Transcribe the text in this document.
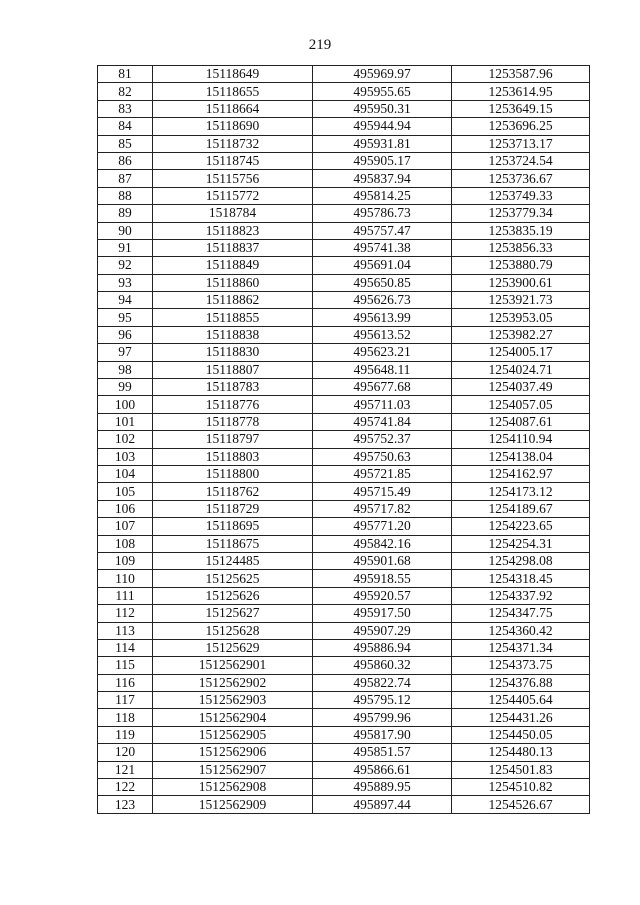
219
81	15118649	495969.97	1253587.96
82	15118655	495955.65	1253614.95
83	15118664	495950.31	1253649.15
84	15118690	495944.94	1253696.25
85	15118732	495931.81	1253713.17
86	15118745	495905.17	1253724.54
87	15115756	495837.94	1253736.67
88	15115772	495814.25	1253749.33
89	1518784	495786.73	1253779.34
90	15118823	495757.47	1253835.19
91	15118837	495741.38	1253856.33
92	15118849	495691.04	1253880.79
93	15118860	495650.85	1253900.61
94	15118862	495626.73	1253921.73
95	15118855	495613.99	1253953.05
96	15118838	495613.52	1253982.27
97	15118830	495623.21	1254005.17
98	15118807	495648.11	1254024.71
99	15118783	495677.68	1254037.49
100	15118776	495711.03	1254057.05
101	15118778	495741.84	1254087.61
102	15118797	495752.37	1254110.94
103	15118803	495750.63	1254138.04
104	15118800	495721.85	1254162.97
105	15118762	495715.49	1254173.12
106	15118729	495717.82	1254189.67
107	15118695	495771.20	1254223.65
108	15118675	495842.16	1254254.31
109	15124485	495901.68	1254298.08
110	15125625	495918.55	1254318.45
111	15125626	495920.57	1254337.92
112	15125627	495917.50	1254347.75
113	15125628	495907.29	1254360.42
114	15125629	495886.94	1254371.34
115	1512562901	495860.32	1254373.75
116	1512562902	495822.74	1254376.88
117	1512562903	495795.12	1254405.64
118	1512562904	495799.96	1254431.26
119	1512562905	495817.90	1254450.05
120	1512562906	495851.57	1254480.13
121	1512562907	495866.61	1254501.83
122	1512562908	495889.95	1254510.82
123	1512562909	495897.44	1254526.67
